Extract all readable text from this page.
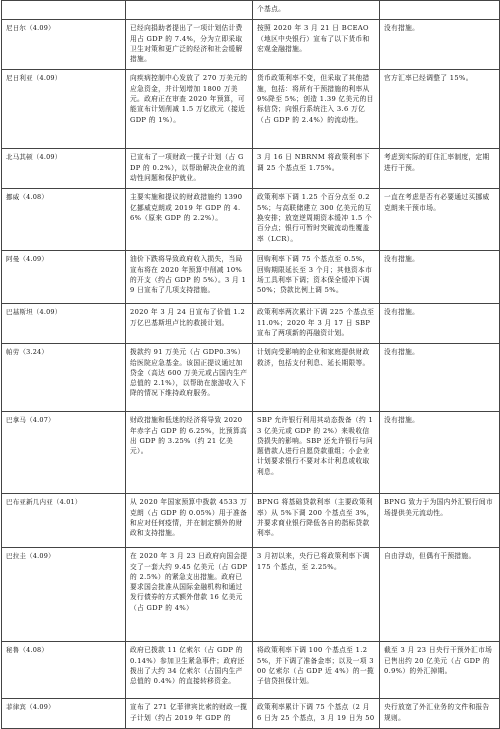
		个基点。	
尼日尔（4.09）	已经向捐助者提出了一项计划估计费用占 GDP 的 7.4%，分为立即采取卫生对策和更广泛的经济和社会缓解措施。	按照 2020 年 3 月 21 日 BCEAO（地区中央银行）宣布了以下货币和宏观金融措施。	没有措施。
尼日利亚（4.09）	向疾病控制中心发放了 270 万美元的应急资金，并计划增加 1800 万美元。政府正在审查 2020 年预算，可能宣布计划削减 1.5 万亿欧元（接近 GDP 的 1%）。	货币政策利率不变，但采取了其他措施，包括：将所有干预措施的利率从 9%降至 5%；创造 1.39 亿美元的目标信贷；向银行系统注入 3.6 万亿（占 GDP 的 2.4%）的流动性。	官方汇率已经调整了 15%。
北马其顿（4.09）	已宣布了一项财政一揽子计划（占 GDP 的 0.2%），以帮助解决企业的流动性问题和保护就业。	3 月 16 日 NBRNM 将政策利率下调 25 个基点至 1.75%。	考虑到实际的盯住汇率制度，定期进行干预。
挪威（4.08）	主要实施和提议的财政措施约 1390 亿挪威克朗或 2019 年 GDP 的 4.6%（原来 GDP 的 2.2%）。	政策利率下调 1.25 个百分点至 0.25%；与高联储建立 300 亿美元的互换安排；放宽逆周期资本缓冲 1.5 个百分点；银行可暂时突破流动性覆盖率（LCR）。	一直在考虑是否有必要通过买挪威克朗来干预市场。
阿曼（4.09）	油价下跌将导致政府收入损失，当局宣布将在 2020 年预算中削减 10%的开支（约占 GDP 的 5%）。3 月 19 日宣布了几项支持措施。	回购利率下调 75 个基点至 0.5%，回购期限延长至 3 个月；其他资本市场工具利率下调；资本保全缓冲下调 50%；贷款比例上调 5%。	没有措施。
巴基斯坦（4.09）	2020 年 3 月 24 日宣布了价值 1.2 万亿巴基斯坦卢比的救援计划。	政策利率两次累计下调 225 个基点至 11.0%；2020 年 3 月 17 日 SBP 宣布了两项新的再融资计划。	没有措施。
帕劳（3.24）	拨款约 91 万美元（占 GDP0.3%）给医院应急基金。该国正提议通过加贷金（高达 600 万美元或占国内生产总值的 2.1%），以帮助在旅游收入下降的情况下维持政府服务。	计划向受影响的企业和家庭提供财政救济，包括支付利息、延长期限等。	没有措施。
巴拿马（4.07）	财政措施和低迷的经济将导致 2020 年赤字占 GDP 的 6.25%，比预算高出 GDP 的 3.25%（约 21 亿美元）。	SBP 允许银行利用其动态拨备（约 13 亿美元或 GDP 的 2%）来吸收信贷损失的影响。SBP 还允许银行与问题借款人进行自愿贷款重组；小企业计划要求银行不要对本计利息或收取利息。	没有措施。
巴布亚新几内亚（4.01）	从 2020 年国家预算中拨款 4533 万克朗（占 GDP 的 0.05%）用于准备和应对任何疫情，并在制定额外的财政和支持措施。	BPNG 将基础贷款利率（主要政策利率）从 5%下调 200 个基点至 3%，并要求商业银行降低各自的指标贷款利率。	BPNG 致力于为国内外汇银行间市场提供美元流动性。
巴拉圭（4.09）	在 2020 年 3 月 23 日政府向国会提交了一套大约 9.45 亿美元（占 GDP 的 2.5%）的紧急支出措施。政府已要求国会批准从国际金融机构和通过发行债券的方式额外借款 16 亿美元（占 GDP 的 4%）	3 月初以来，央行已将政策利率下调 175 个基点，至 2.25%。	自由浮动，但偶有干预措施。
秘鲁（4.08）	政府已拨款 11 亿索尔（占 GDP 的 0.14%）参加卫生紧急事件；政府还拨出了大约 34 亿索尔（占国内生产总值的 0.4%）的直接转移资金。	将政策利率下调 100 个基点至 1.25%，并下调了准备金率；以及一项 300 亿索尔（占 GDP 近 4%）的一揽子信贷担保计划。	截至 3 月 23 日央行干预外汇市场已售出约 20 亿美元（占 GDP 的 0.9%）的外汇掉期。
菲律宾（4.09）	宣布了 271 亿菲律宾比索的财政一揽子计划（约占 2019 年 GDP 的	政策利率累计下调 75 个基点（2 月 6 日为 25 个基点，3 月 19 日为 50	央行放宽了外汇业务的文件和报告规则。
